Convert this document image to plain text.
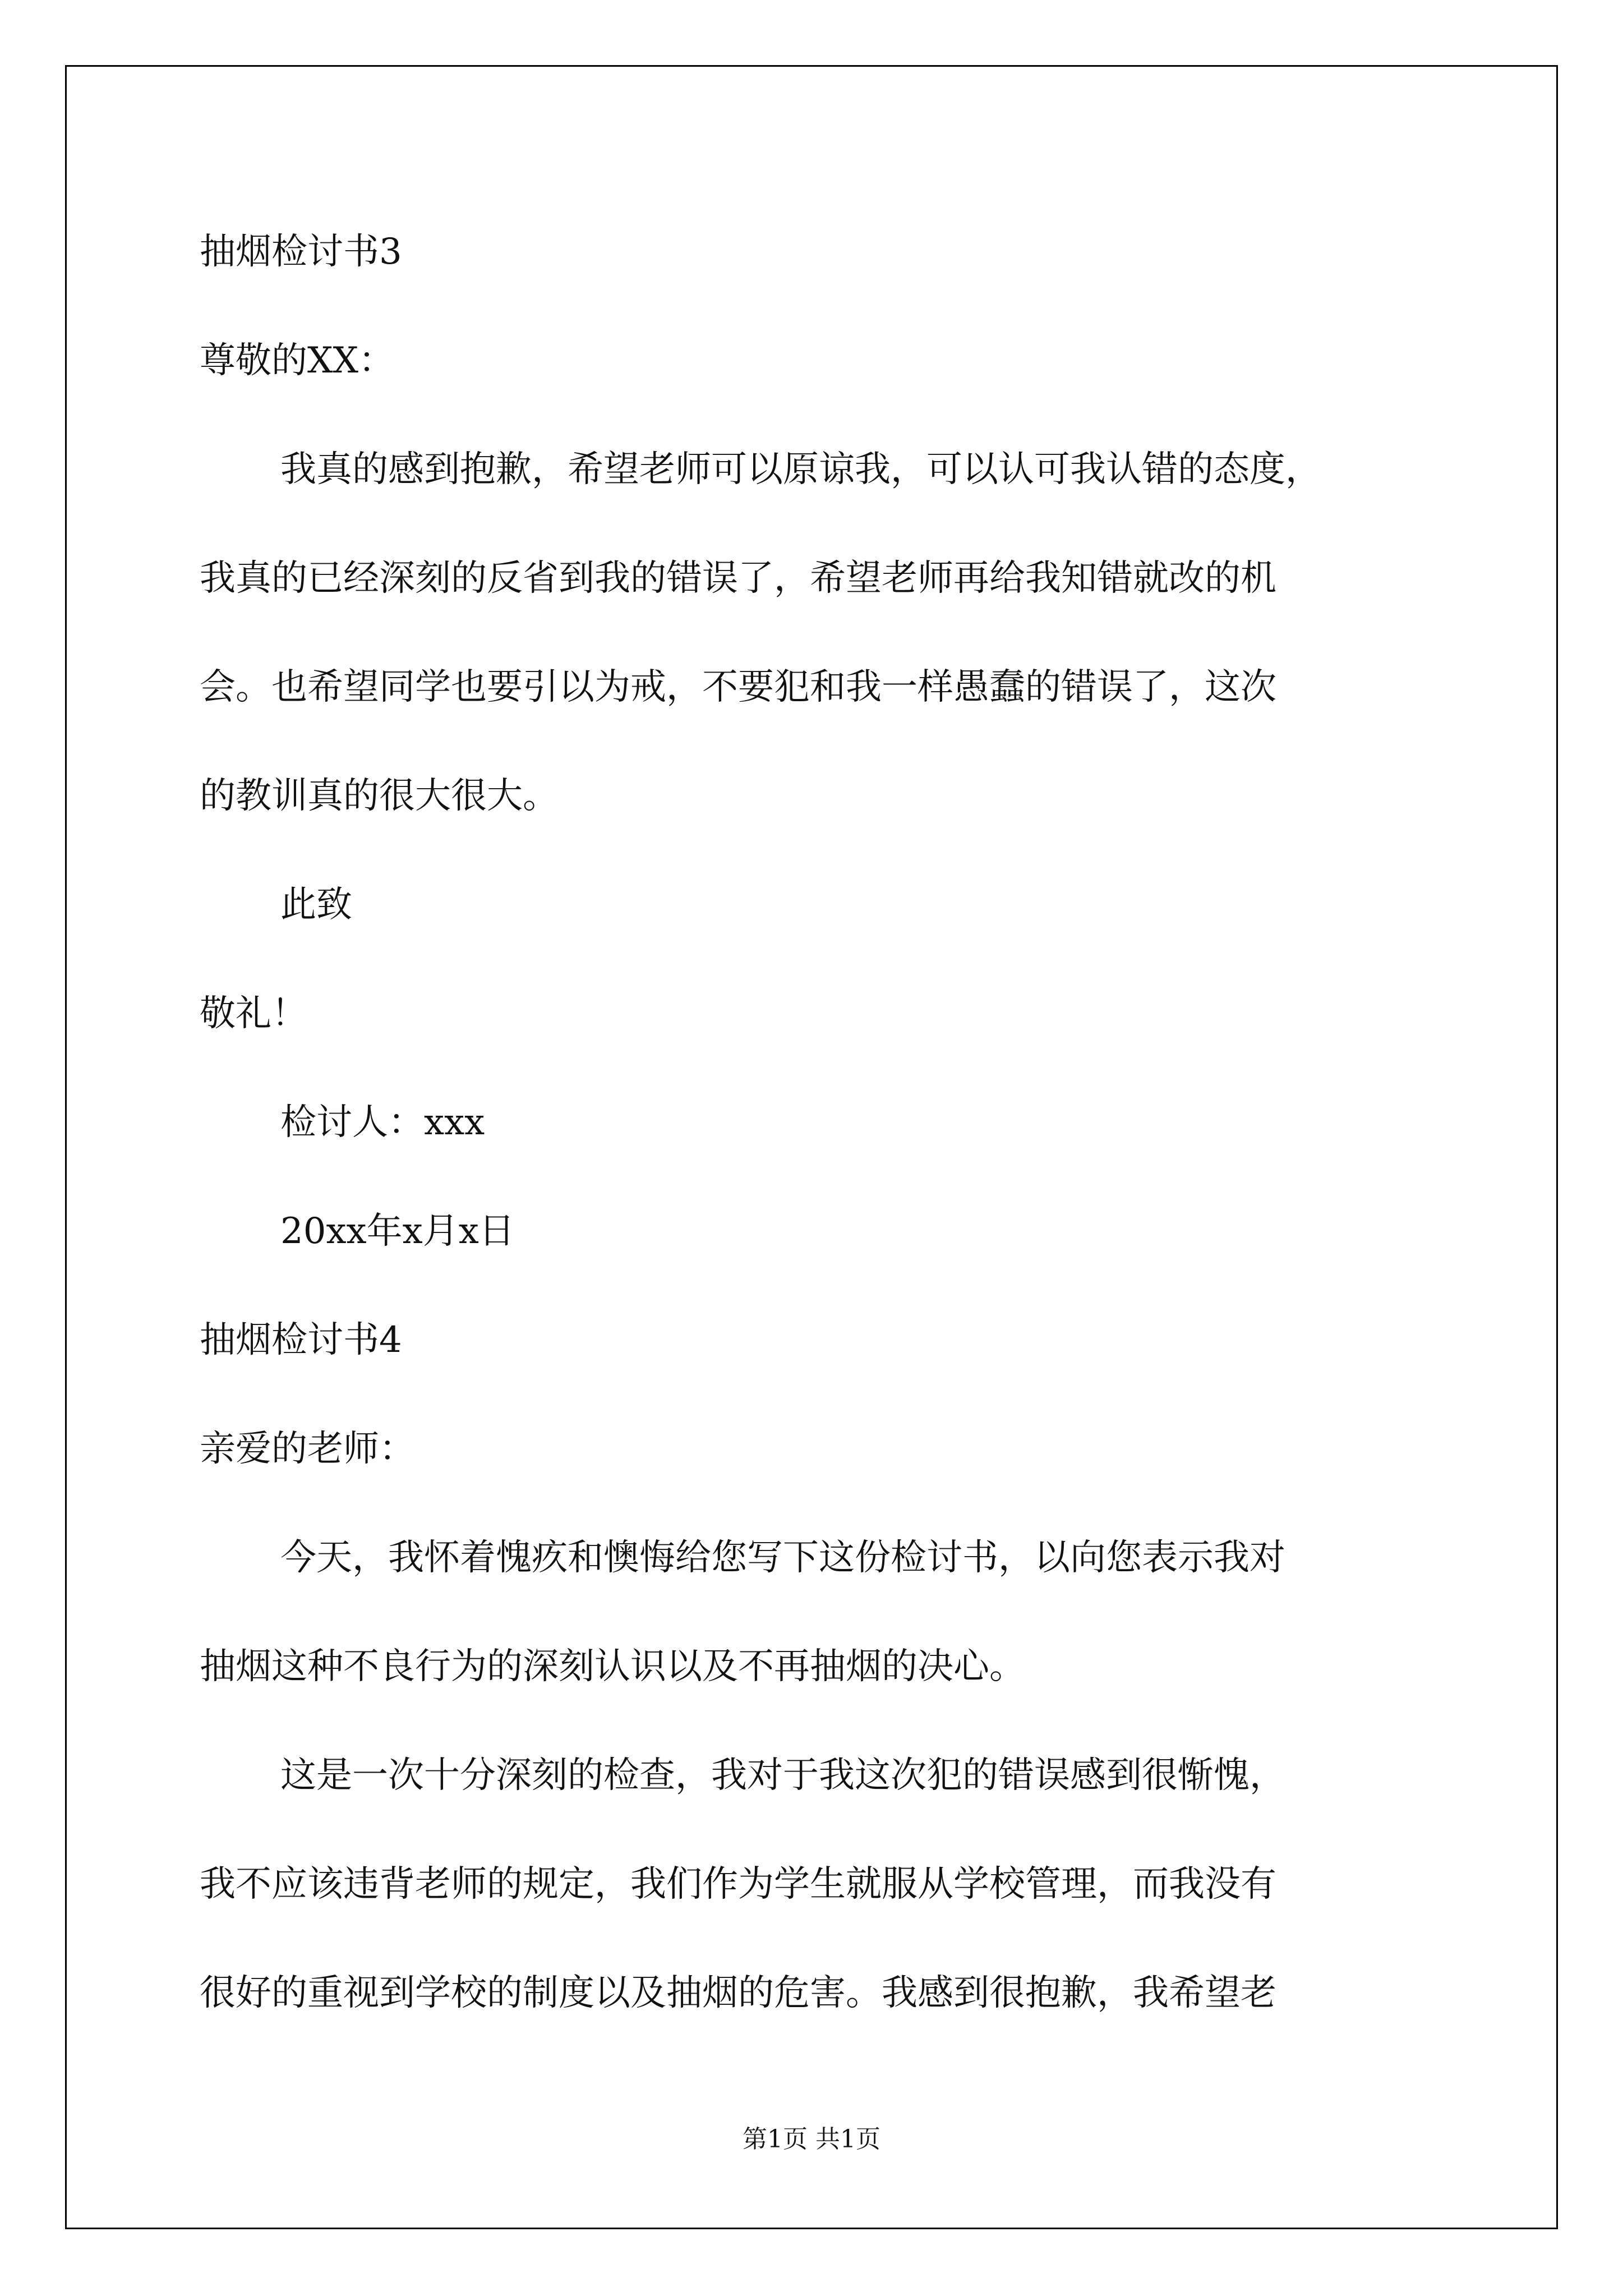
抽烟检讨书3
尊敬的XX：
我真的感到抱歉，希望老师可以原谅我，可以认可我认错的态度，
我真的已经深刻的反省到我的错误了，希望老师再给我知错就改的机
会。也希望同学也要引以为戒，不要犯和我一样愚蠢的错误了，这次
的教训真的很大很大。
此致
敬礼！
检讨人：xxx
20xx年x月x日
抽烟检讨书4
亲爱的老师：
今天，我怀着愧疚和懊悔给您写下这份检讨书，以向您表示我对
抽烟这种不良行为的深刻认识以及不再抽烟的决心。
这是一次十分深刻的检查，我对于我这次犯的错误感到很惭愧，
我不应该违背老师的规定，我们作为学生就服从学校管理，而我没有
很好的重视到学校的制度以及抽烟的危害。我感到很抱歉，我希望老
第1页 共1页
